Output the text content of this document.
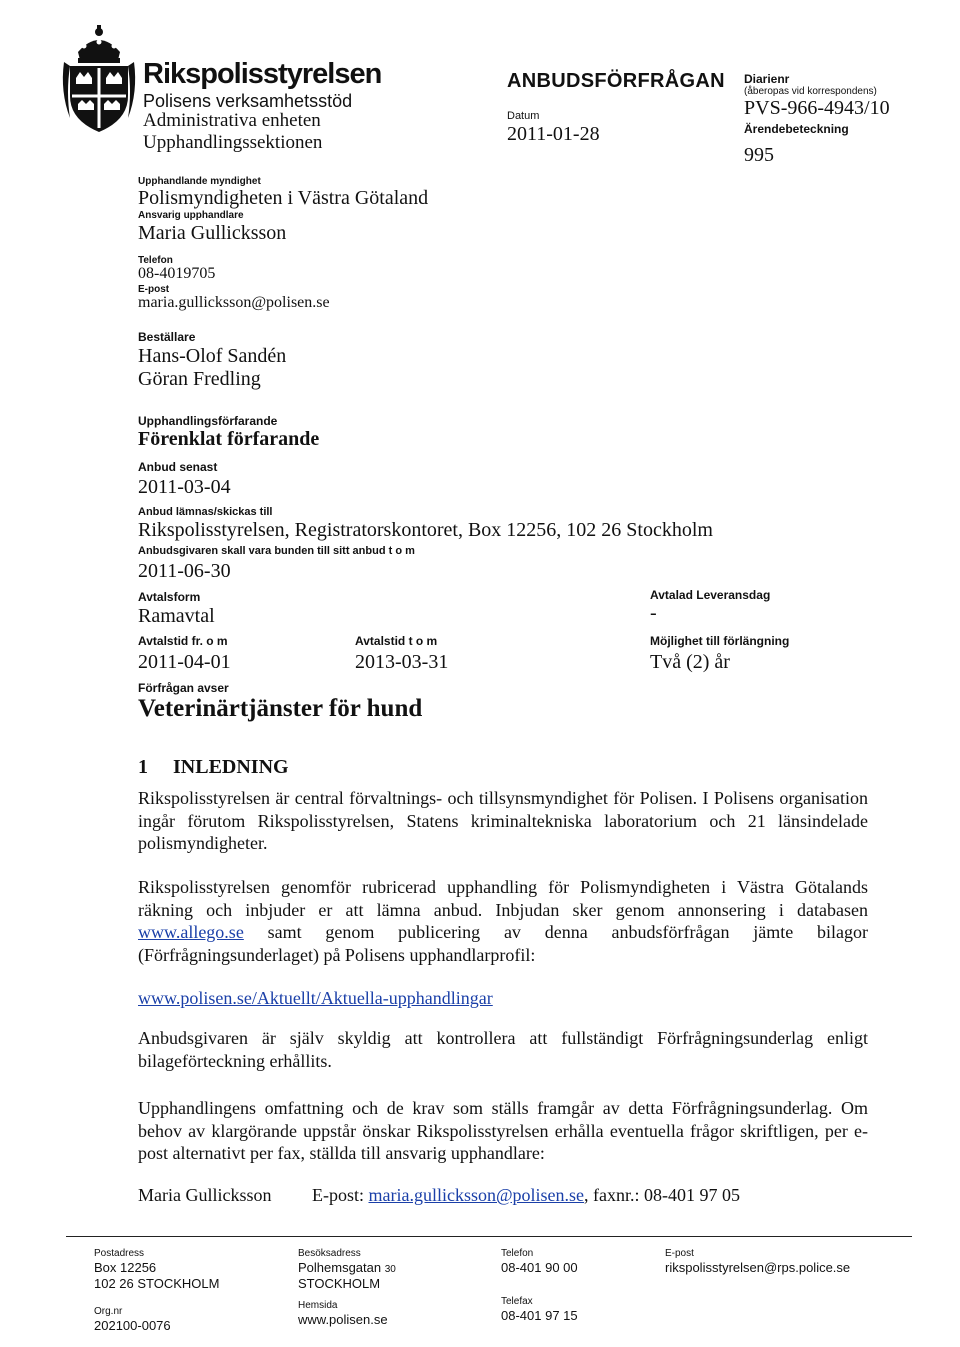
Rikspolisstyrelsen
Polisens verksamhetsstöd
Administrativa enheten
Upphandlingssektionen
ANBUDSFÖRFRÅGAN
Datum
2011-01-28
Diarienr
(åberopas vid korrespondens)
PVS-966-4943/10
Ärendebeteckning
995
Upphandlande myndighet
Polismyndigheten i Västra Götaland
Ansvarig upphandlare
Maria Gullicksson
Telefon
08-4019705
E-post
maria.gullicksson@polisen.se
Beställare
Hans-Olof Sandén
Göran Fredling
Upphandlingsförfarande
Förenklat förfarande
Anbud senast
2011-03-04
Anbud lämnas/skickas till
Rikspolisstyrelsen, Registratorskontoret, Box 12256, 102 26 Stockholm
Anbudsgivaren skall vara bunden till sitt anbud t o m
2011-06-30
Avtalsform
Ramavtal
Avtalad Leveransdag
-
Avtalstid fr. o m
2011-04-01
Avtalstid t o m
2013-03-31
Möjlighet till förlängning
Två (2) år
Förfrågan avser
Veterinärtjänster för hund
1 INLEDNING

Rikspolisstyrelsen är central förvaltnings- och tillsynsmyndighet för Polisen. I Polisens organisation ingår förutom Rikspolisstyrelsen, Statens kriminaltekniska laboratorium och 21 länsindelade polismyndigheter.

Rikspolisstyrelsen genomför rubricerad upphandling för Polismyndigheten i Västra Götalands räkning och inbjuder er att lämna anbud. Inbjudan sker genom annonsering i databasen www.allego.se samt genom publicering av denna anbudsförfrågan jämte bilagor (Förfrågningsunderlaget) på Polisens upphandlarprofil:

www.polisen.se/Aktuellt/Aktuella-upphandlingar

Anbudsgivaren är själv skyldig att kontrollera att fullständigt Förfrågningsunderlag enligt bilageförteckning erhållits.

Upphandlingens omfattning och de krav som ställs framgår av detta Förfrågningsunderlag. Om behov av klargörande uppstår önskar Rikspolisstyrelsen erhålla eventuella frågor skriftligen, per e-post alternativt per fax, ställda till ansvarig upphandlare:

Maria Gullicksson E-post: maria.gullicksson@polisen.se, faxnr.: 08-401 97 05
Postadress
Box 12256
102 26 STOCKHOLM
Besöksadress
Polhemsgatan 30
STOCKHOLM
Telefon
08-401 90 00
E-post
rikspolisstyrelsen@rps.police.se
Org.nr
202100-0076
Hemsida
www.polisen.se
Telefax
08-401 97 15
